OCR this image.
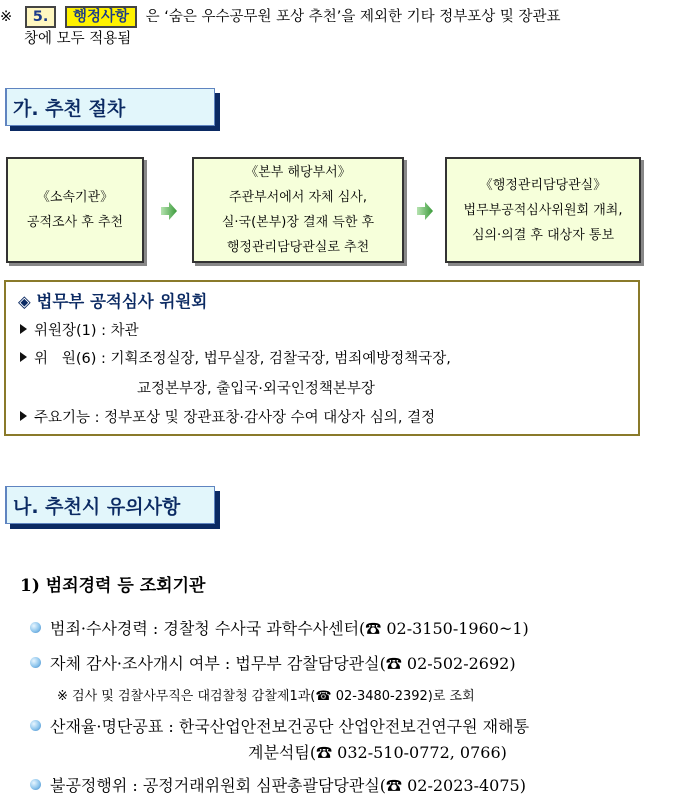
※ 5. 행정사항 은 ‘숨은 우수공무원 포상 추천’을 제외한 기타 정부포상 및 장관표
창에 모두 적용됨
가. 추천 절차
《소속기관》
공적조사 후 추천
《본부 해당부서》
주관부서에서 자체 심사,
실·국(본부)장 결재 득한 후
행정관리담당관실로 추천
《행정관리담당관실》
법무부공적심사위원회 개최,
심의·의결 후 대상자 통보
◈ 법무부 공적심사 위원회
위원장(1) : 차관
위   원(6) : 기획조정실장, 법무실장, 검찰국장, 범죄예방정책국장,
교정본부장, 출입국·외국인정책본부장
주요기능 : 정부포상 및 장관표창·감사장 수여 대상자 심의, 결정
나. 추천시 유의사항
1) 범죄경력 등 조회기관
범죄·수사경력 : 경찰청 수사국 과학수사센터(☎ 02-3150-1960~1)
자체 감사·조사개시 여부 : 법무부 감찰담당관실(☎ 02-502-2692)
※ 검사 및 검찰사무직은 대검찰청 감찰제1과(☎ 02-3480-2392)로 조회
산재율·명단공표 : 한국산업안전보건공단 산업안전보건연구원 재해통
계분석팀(☎ 032-510-0772, 0766)
불공정행위 : 공정거래위원회 심판총괄담당관실(☎ 02-2023-4075)
